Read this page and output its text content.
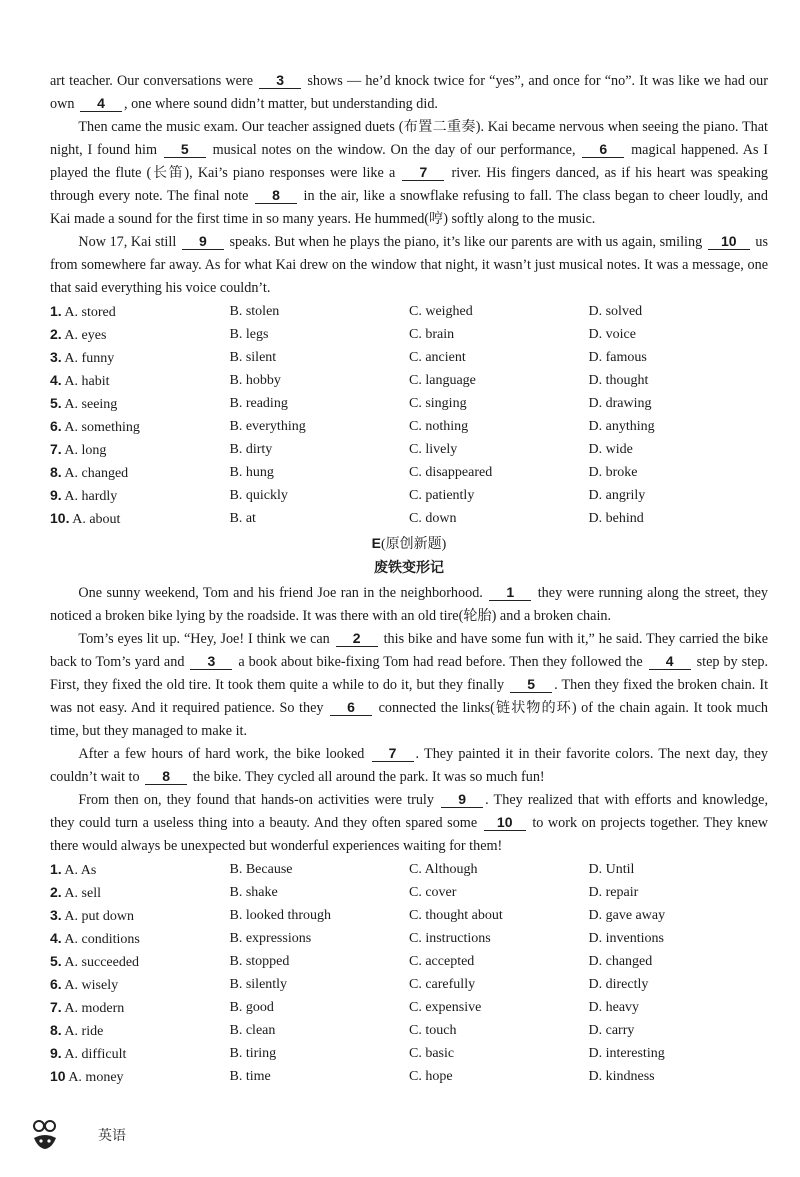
art teacher. Our conversations were 3 shows — he’d knock twice for “yes”, and once for “no”. It was like we had our own 4 , one where sound didn’t matter, but understanding did.

Then came the music exam. Our teacher assigned duets (布置二重奏). Kai became nervous when seeing the piano. That night, I found him 5 musical notes on the window. On the day of our performance, 6 magical happened. As I played the flute (长笛), Kai’s piano responses were like a 7 river. His fingers danced, as if his heart was speaking through every note. The final note 8 in the air, like a snowflake refusing to fall. The class began to cheer loudly, and Kai made a sound for the first time in so many years. He hummed(哼) softly along to the music.

Now 17, Kai still 9 speaks. But when he plays the piano, it’s like our parents are with us again, smiling 10 us from somewhere far away. As for what Kai drew on the window that night, it wasn’t just musical notes. It was a message, one that said everything his voice couldn’t.

1. A. stored	B. stolen	C. weighed	D. solved
2. A. eyes	B. legs	C. brain	D. voice
3. A. funny	B. silent	C. ancient	D. famous
4. A. habit	B. hobby	C. language	D. thought
5. A. seeing	B. reading	C. singing	D. drawing
6. A. something	B. everything	C. nothing	D. anything
7. A. long	B. dirty	C. lively	D. wide
8. A. changed	B. hung	C. disappeared	D. broke
9. A. hardly	B. quickly	C. patiently	D. angrily
10. A. about	B. at	C. down	D. behind
E(原创新题)
废铁变形记

One sunny weekend, Tom and his friend Joe ran in the neighborhood. 1 they were running along the street, they noticed a broken bike lying by the roadside. It was there with an old tire(轮胎) and a broken chain.

Tom’s eyes lit up. “Hey, Joe! I think we can 2 this bike and have some fun with it,” he said. They carried the bike back to Tom’s yard and 3 a book about bike-fixing Tom had read before. Then they followed the 4 step by step. First, they fixed the old tire. It took them quite a while to do it, but they finally 5 . Then they fixed the broken chain. It was not easy. And it required patience. So they 6 connected the links(链状物的环) of the chain again. It took much time, but they managed to make it.

After a few hours of hard work, the bike looked 7 . They painted it in their favorite colors. The next day, they couldn’t wait to 8 the bike. They cycled all around the park. It was so much fun!

From then on, they found that hands-on activities were truly 9 . They realized that with efforts and knowledge, they could turn a useless thing into a beauty. And they often spared some 10 to work on projects together. They knew there would always be unexpected but wonderful experiences waiting for them!

1. A. As	B. Because	C. Although	D. Until
2. A. sell	B. shake	C. cover	D. repair
3. A. put down	B. looked through	C. thought about	D. gave away
4. A. conditions	B. expressions	C. instructions	D. inventions
5. A. succeeded	B. stopped	C. accepted	D. changed
6. A. wisely	B. silently	C. carefully	D. directly
7. A. modern	B. good	C. expensive	D. heavy
8. A. ride	B. clean	C. touch	D. carry
9. A. difficult	B. tiring	C. basic	D. interesting
10 A. money	B. time	C. hope	D. kindness
英语
